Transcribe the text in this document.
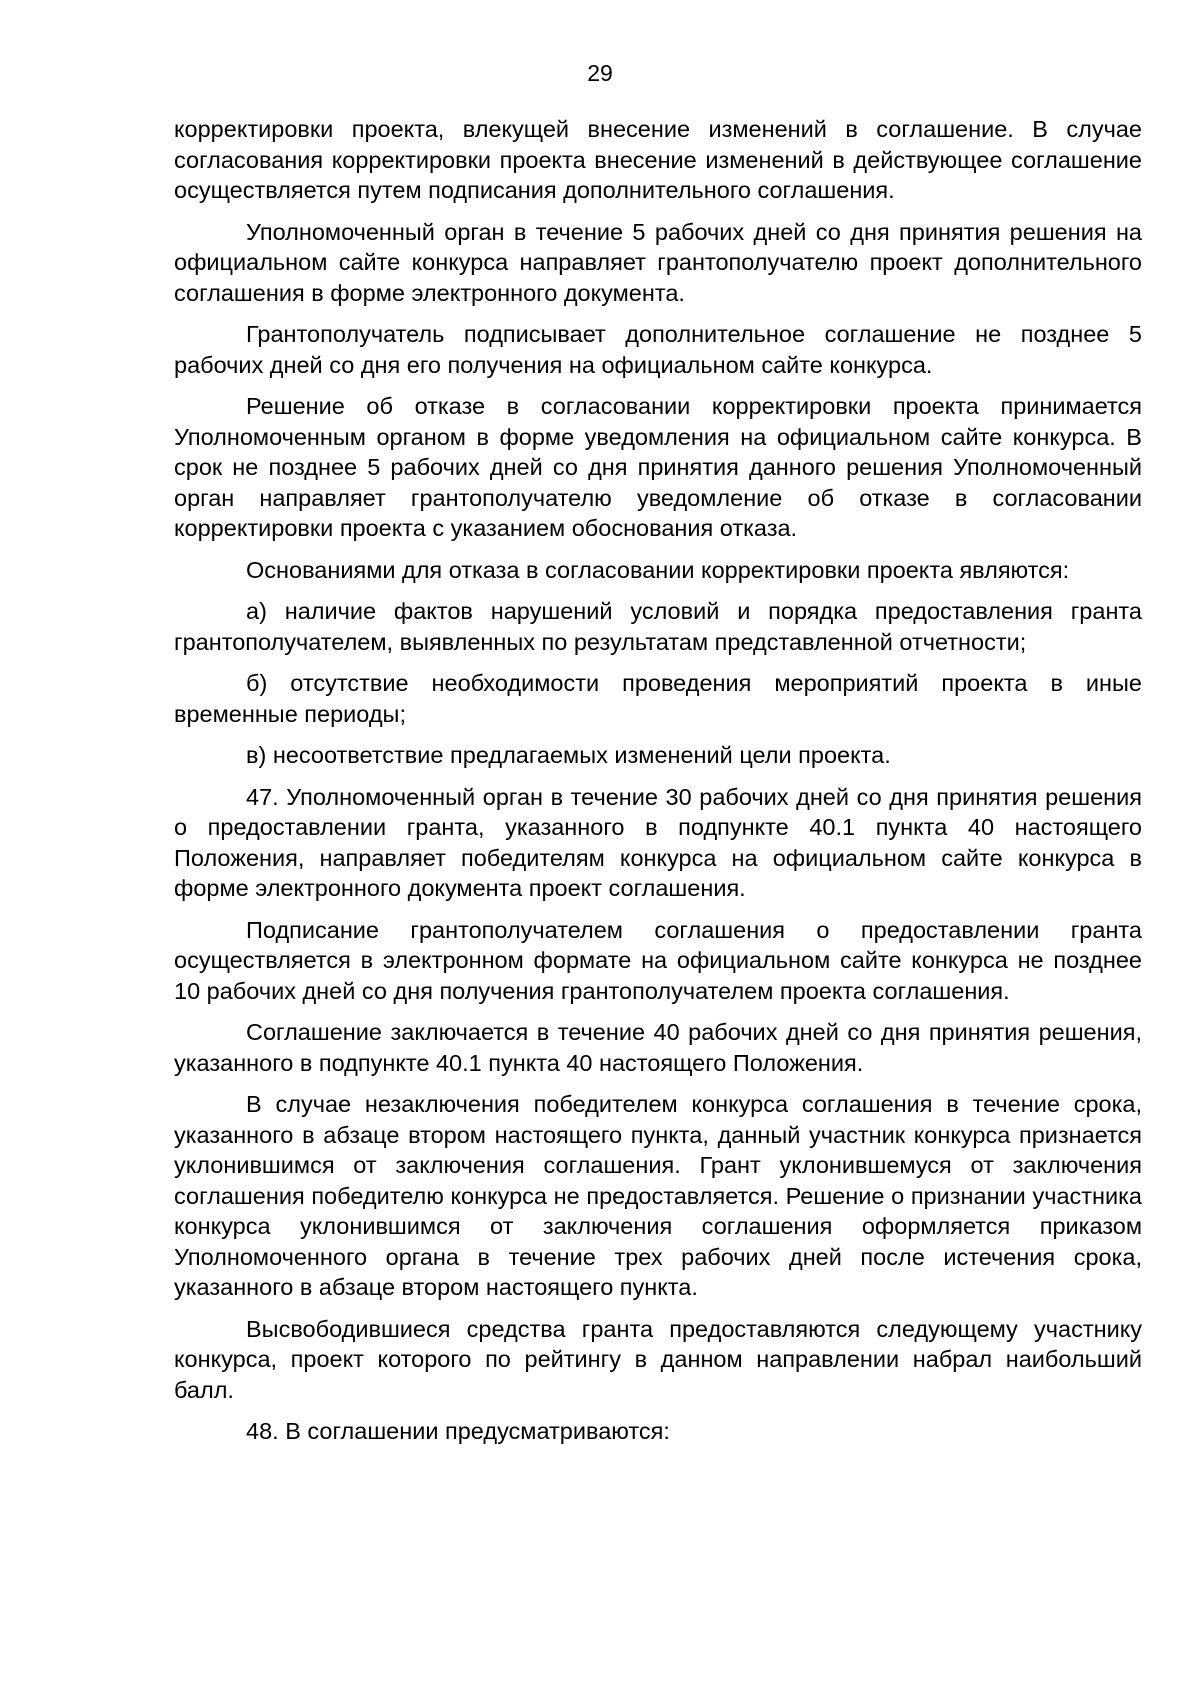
29

корректировки проекта, влекущей внесение изменений в соглашение. В случае согласования корректировки проекта внесение изменений в действующее соглашение осуществляется путем подписания дополнительного соглашения.

Уполномоченный орган в течение 5 рабочих дней со дня принятия решения на официальном сайте конкурса направляет грантополучателю проект дополнительного соглашения в форме электронного документа.

Грантополучатель подписывает дополнительное соглашение не позднее 5 рабочих дней со дня его получения на официальном сайте конкурса.

Решение об отказе в согласовании корректировки проекта принимается Уполномоченным органом в форме уведомления на официальном сайте конкурса. В срок не позднее 5 рабочих дней со дня принятия данного решения Уполномоченный орган направляет грантополучателю уведомление об отказе в согласовании корректировки проекта с указанием обоснования отказа.

Основаниями для отказа в согласовании корректировки проекта являются:

а) наличие фактов нарушений условий и порядка предоставления гранта грантополучателем, выявленных по результатам представленной отчетности;

б) отсутствие необходимости проведения мероприятий проекта в иные временные периоды;

в) несоответствие предлагаемых изменений цели проекта.

47. Уполномоченный орган в течение 30 рабочих дней со дня принятия решения о предоставлении гранта, указанного в подпункте 40.1 пункта 40 настоящего Положения, направляет победителям конкурса на официальном сайте конкурса в форме электронного документа проект соглашения.

Подписание грантополучателем соглашения о предоставлении гранта осуществляется в электронном формате на официальном сайте конкурса не позднее 10 рабочих дней со дня получения грантополучателем проекта соглашения.

Соглашение заключается в течение 40 рабочих дней со дня принятия решения, указанного в подпункте 40.1 пункта 40 настоящего Положения.

В случае незаключения победителем конкурса соглашения в течение срока, указанного в абзаце втором настоящего пункта, данный участник конкурса признается уклонившимся от заключения соглашения. Грант уклонившемуся от заключения соглашения победителю конкурса не предоставляется. Решение о признании участника конкурса уклонившимся от заключения соглашения оформляется приказом Уполномоченного органа в течение трех рабочих дней после истечения срока, указанного в абзаце втором настоящего пункта.

Высвободившиеся средства гранта предоставляются следующему участнику конкурса, проект которого по рейтингу в данном направлении набрал наибольший балл.

48. В соглашении предусматриваются:
